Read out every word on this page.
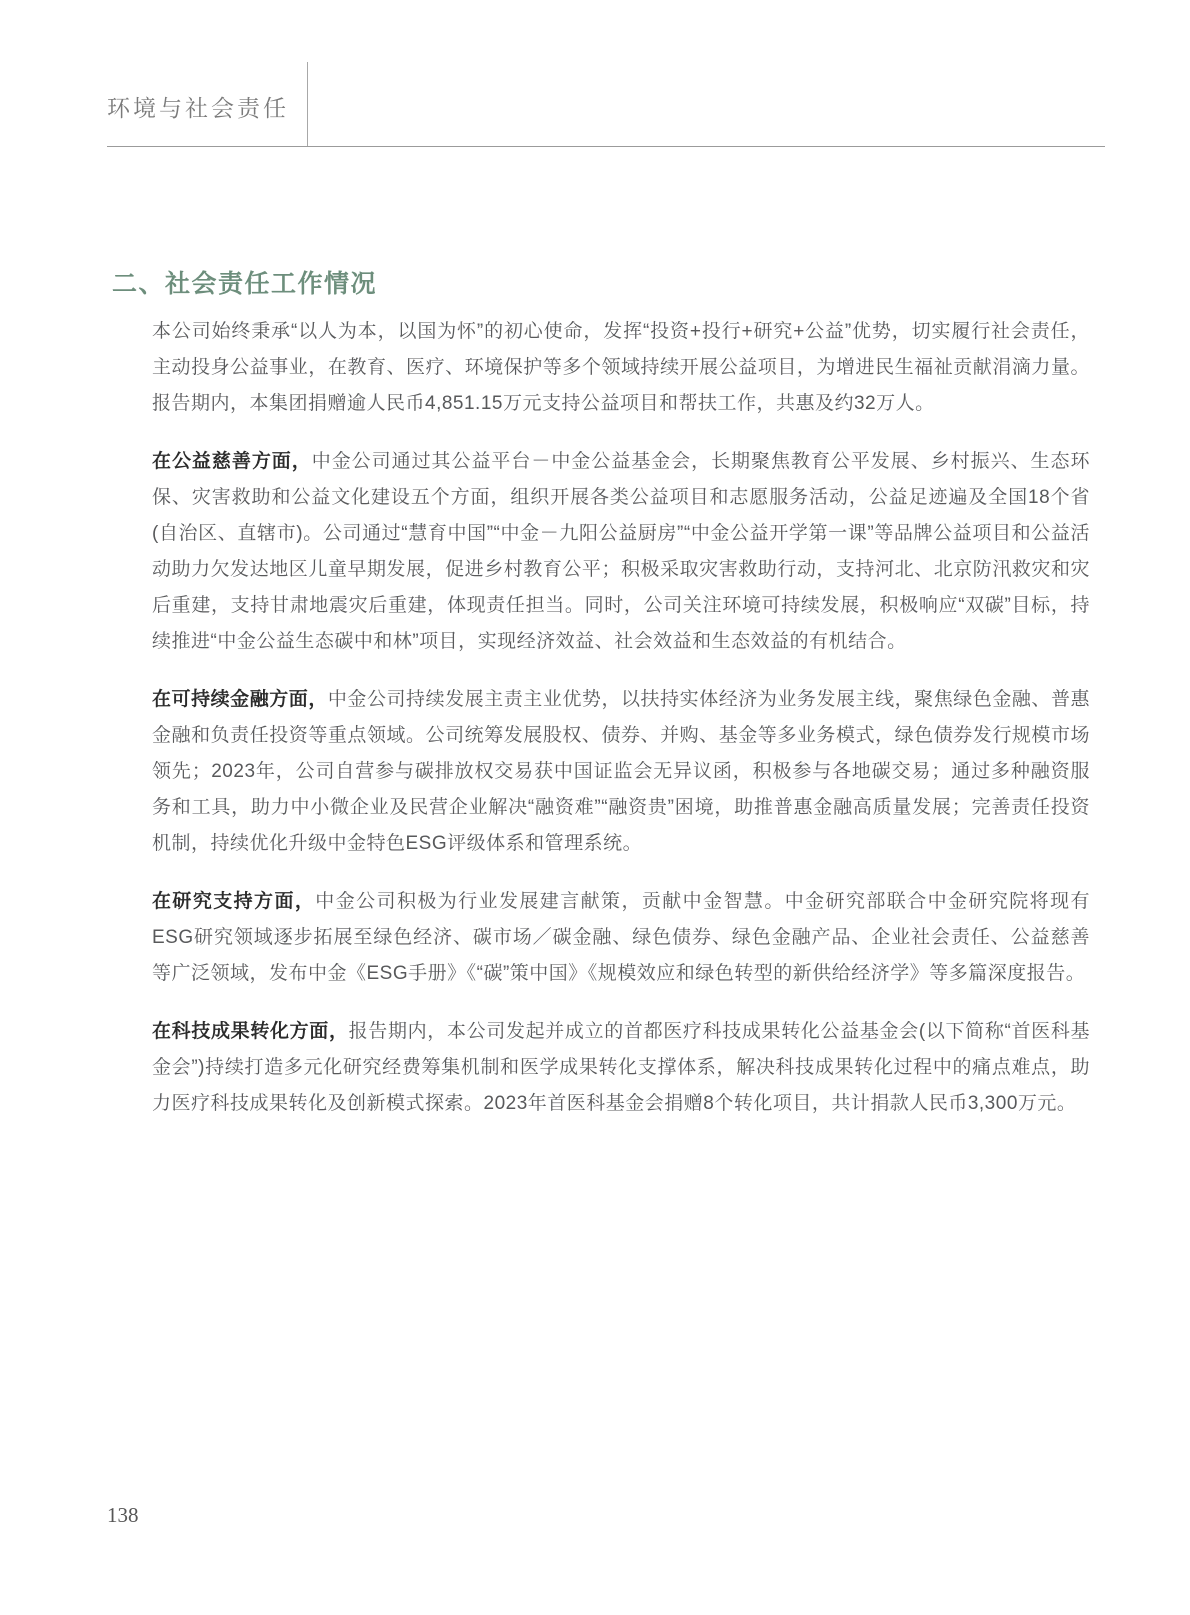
环境与社会责任
二、社会责任工作情况

本公司始终秉承“以人为本，以国为怀”的初心使命，发挥“投资+投行+研究+公益”优势，切实履行社会责任，主动投身公益事业，在教育、医疗、环境保护等多个领域持续开展公益项目，为增进民生福祉贡献涓滴力量。报告期内，本集团捐赠逾人民币4,851.15万元支持公益项目和帮扶工作，共惠及约32万人。

在公益慈善方面，中金公司通过其公益平台－中金公益基金会，长期聚焦教育公平发展、乡村振兴、生态环保、灾害救助和公益文化建设五个方面，组织开展各类公益项目和志愿服务活动，公益足迹遍及全国18个省(自治区、直辖市)。公司通过“慧育中国”“中金－九阳公益厨房”“中金公益开学第一课”等品牌公益项目和公益活动助力欠发达地区儿童早期发展，促进乡村教育公平；积极采取灾害救助行动，支持河北、北京防汛救灾和灾后重建，支持甘肃地震灾后重建，体现责任担当。同时，公司关注环境可持续发展，积极响应“双碳”目标，持续推进“中金公益生态碳中和林”项目，实现经济效益、社会效益和生态效益的有机结合。

在可持续金融方面，中金公司持续发展主责主业优势，以扶持实体经济为业务发展主线，聚焦绿色金融、普惠金融和负责任投资等重点领域。公司统筹发展股权、债券、并购、基金等多业务模式，绿色债券发行规模市场领先；2023年，公司自营参与碳排放权交易获中国证监会无异议函，积极参与各地碳交易；通过多种融资服务和工具，助力中小微企业及民营企业解决“融资难”“融资贵”困境，助推普惠金融高质量发展；完善责任投资机制，持续优化升级中金特色ESG评级体系和管理系统。

在研究支持方面，中金公司积极为行业发展建言献策，贡献中金智慧。中金研究部联合中金研究院将现有ESG研究领域逐步拓展至绿色经济、碳市场／碳金融、绿色债券、绿色金融产品、企业社会责任、公益慈善等广泛领域，发布中金《ESG手册》《“碳”策中国》《规模效应和绿色转型的新供给经济学》等多篇深度报告。

在科技成果转化方面，报告期内，本公司发起并成立的首都医疗科技成果转化公益基金会(以下简称“首医科基金会”)持续打造多元化研究经费筹集机制和医学成果转化支撑体系，解决科技成果转化过程中的痛点难点，助力医疗科技成果转化及创新模式探索。2023年首医科基金会捐赠8个转化项目，共计捐款人民币3,300万元。

138
